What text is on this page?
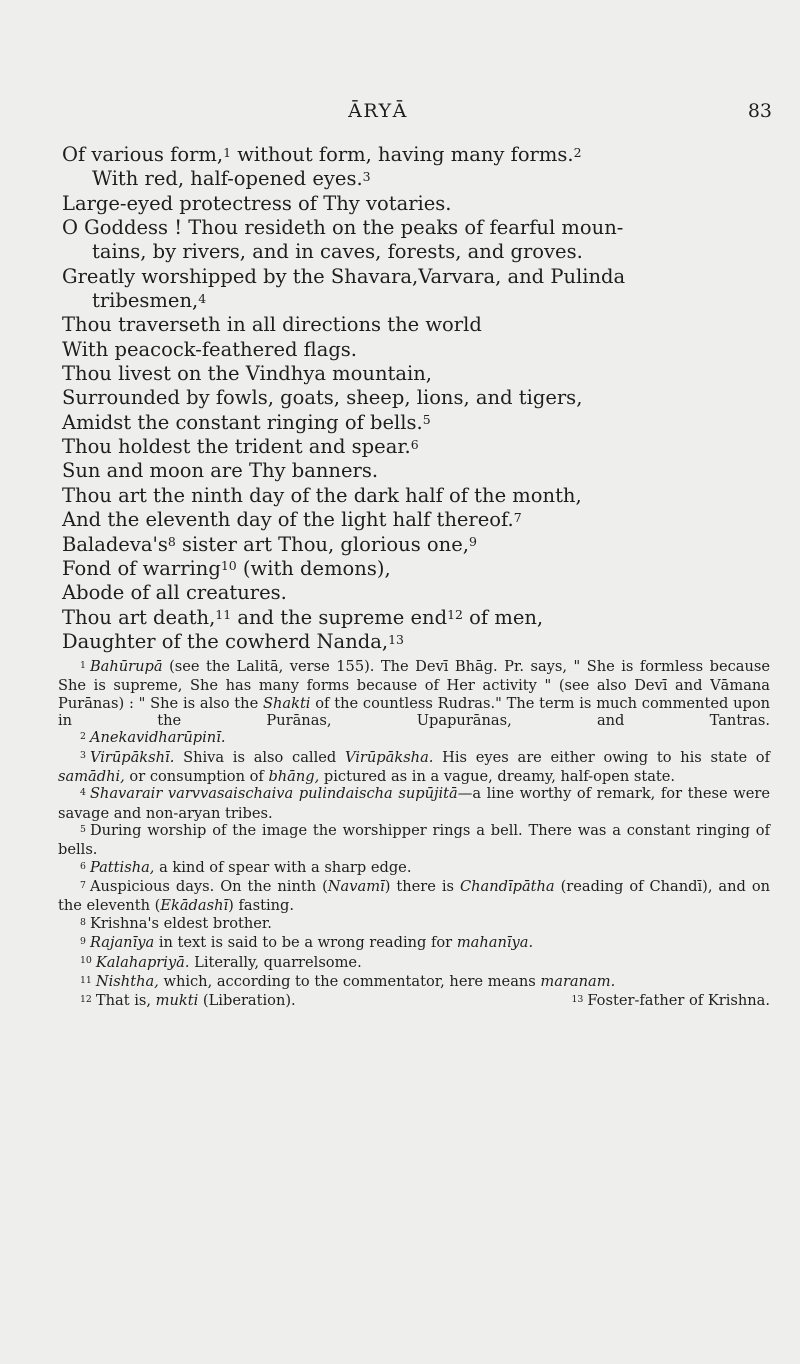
ĀRYĀ	83
Of various form,$^1$ without form, having many forms.$^2$
With red, half-opened eyes.$^3$
Large-eyed protectress of Thy votaries.
O Goddess ! Thou resideth on the peaks of fearful moun-
tains, by rivers, and in caves, forests, and groves.
Greatly worshipped by the Shavara,Varvara, and Pulinda
tribesmen,$^4$
Thou traverseth in all directions the world
With peacock-feathered flags.
Thou livest on the Vindhya mountain,
Surrounded by fowls, goats, sheep, lions, and tigers,
Amidst the constant ringing of bells.$^5$
Thou holdest the trident and spear.$^6$
Sun and moon are Thy banners.
Thou art the ninth day of the dark half of the month,
And the eleventh day of the light half thereof.$^7$
$Baladeva's^8$ sister art Thou, glorious one,$^9$
Fond of warring$^{10}$ (with demons),
Abode of all creatures.
Thou art death,$^{11}$ and the supreme end$^{12}$ of men,
Daughter of the cowherd Nanda,$^{13}$

$^1$ Bahūrupā (see the Lalitā, verse 155). The Devī Bhāg. Pr. says, " She is formless because She is supreme, She has many forms because of Her activity " (see also Devī and Vāmana Purānas) : " She is also the Shakti of the countless Rudras." The term is much commented upon in the Purānas, Upapurānas, and Tantras.

$^2$ Anekavidharūpinī.

$^3$ Virūpākshī. Shiva is also called Virūpāksha. His eyes are either owing to his state of samādhi, or consumption of bhāng, pictured as in a vague, dreamy, half-open state.

$^4$ Shavarair varvvasaischaiva pulindaischa supūjitā—a line worthy of remark, for these were savage and non-aryan tribes.

$^5$ During worship of the image the worshipper rings a bell. There was a constant ringing of bells.

$^6$ Pattisha, a kind of spear with a sharp edge.

$^7$ Auspicious days. On the ninth (Navamī) there is Chandīpātha (reading of Chandī), and on the eleventh (Ekādashī) fasting.

$^8$ Krishna's eldest brother.

$^9$ Rajanīya in text is said to be a wrong reading for mahanīya.

$^{10}$ Kalahapriyā. Literally, quarrelsome.

$^{11}$ Nishtha, which, according to the commentator, here means maranam.

$^{12}$ That is, mukti (Liberation).	$^{13}$ Foster-father of Krishna.
